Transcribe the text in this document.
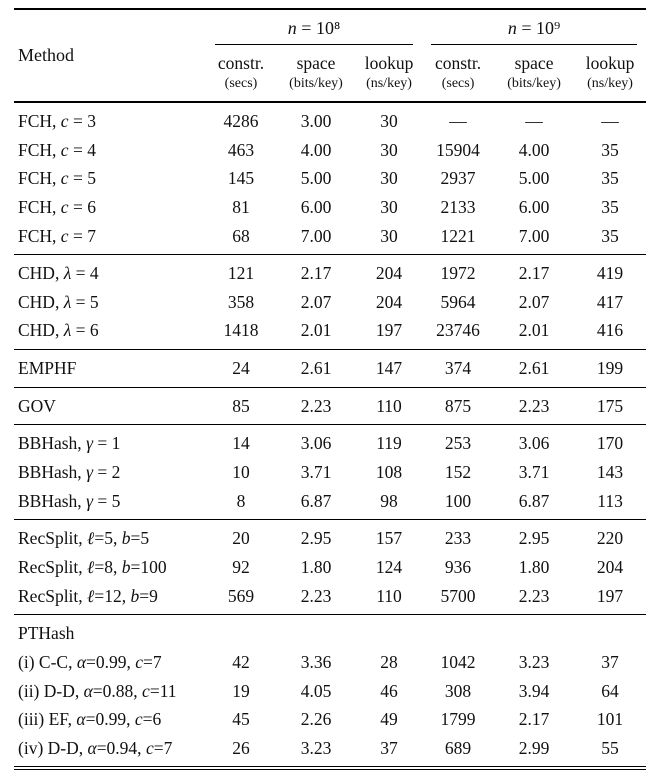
Method	n = 10⁸			n = 10⁹		

	constr.	space	lookup	constr.	space	lookup
	(secs)	(bits/key)	(ns/key)	(secs)	(bits/key)	(ns/key)
FCH, c = 3	4286	3.00	30	—	—	—
FCH, c = 4	463	4.00	30	15904	4.00	35
FCH, c = 5	145	5.00	30	2937	5.00	35
FCH, c = 6	81	6.00	30	2133	6.00	35
FCH, c = 7	68	7.00	30	1221	7.00	35
CHD, λ = 4	121	2.17	204	1972	2.17	419
CHD, λ = 5	358	2.07	204	5964	2.07	417
CHD, λ = 6	1418	2.01	197	23746	2.01	416
EMPHF	24	2.61	147	374	2.61	199
GOV	85	2.23	110	875	2.23	175
BBHash, γ = 1	14	3.06	119	253	3.06	170
BBHash, γ = 2	10	3.71	108	152	3.71	143
BBHash, γ = 5	8	6.87	98	100	6.87	113
RecSplit, ℓ=5, b=5	20	2.95	157	233	2.95	220
RecSplit, ℓ=8, b=100	92	1.80	124	936	1.80	204
RecSplit, ℓ=12, b=9	569	2.23	110	5700	2.23	197
PTHash						
(i) C-C, α=0.99, c=7	42	3.36	28	1042	3.23	37
(ii) D-D, α=0.88, c=11	19	4.05	46	308	3.94	64
(iii) EF, α=0.99, c=6	45	2.26	49	1799	2.17	101
(iv) D-D, α=0.94, c=7	26	3.23	37	689	2.99	55
